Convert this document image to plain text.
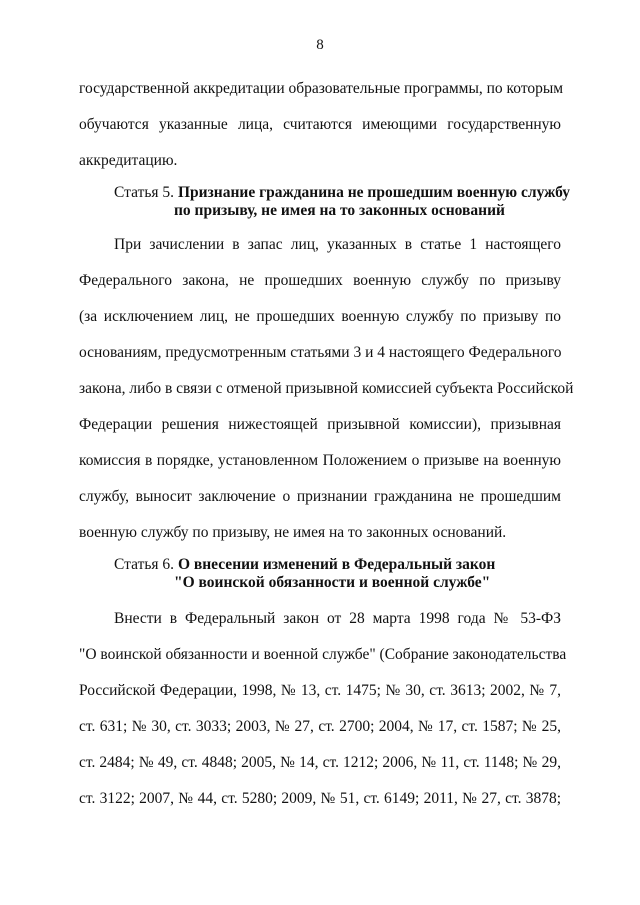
8
государственной аккредитации образовательные программы, по которым
обучаются указанные лица, считаются имеющими государственную
аккредитацию.
Статья 5. Признание гражданина не прошедшим военную службу
по призыву, не имея на то законных оснований
При зачислении в запас лиц, указанных в статье 1 настоящего
Федерального закона, не прошедших военную службу по призыву
(за исключением лиц, не прошедших военную службу по призыву по
основаниям, предусмотренным статьями 3 и 4 настоящего Федерального
закона, либо в связи с отменой призывной комиссией субъекта Российской
Федерации решения нижестоящей призывной комиссии), призывная
комиссия в порядке, установленном Положением о призыве на военную
службу, выносит заключение о признании гражданина не прошедшим
военную службу по призыву, не имея на то законных оснований.
Статья 6. О внесении изменений в Федеральный закон
"О воинской обязанности и военной службе"
Внести в Федеральный закон от 28 марта 1998 года № 53-ФЗ
"О воинской обязанности и военной службе" (Собрание законодательства
Российской Федерации, 1998, № 13, ст. 1475; № 30, ст. 3613; 2002, № 7,
ст. 631; № 30, ст. 3033; 2003, № 27, ст. 2700; 2004, № 17, ст. 1587; № 25,
ст. 2484; № 49, ст. 4848; 2005, № 14, ст. 1212; 2006, № 11, ст. 1148; № 29,
ст. 3122; 2007, № 44, ст. 5280; 2009, № 51, ст. 6149; 2011, № 27, ст. 3878;
